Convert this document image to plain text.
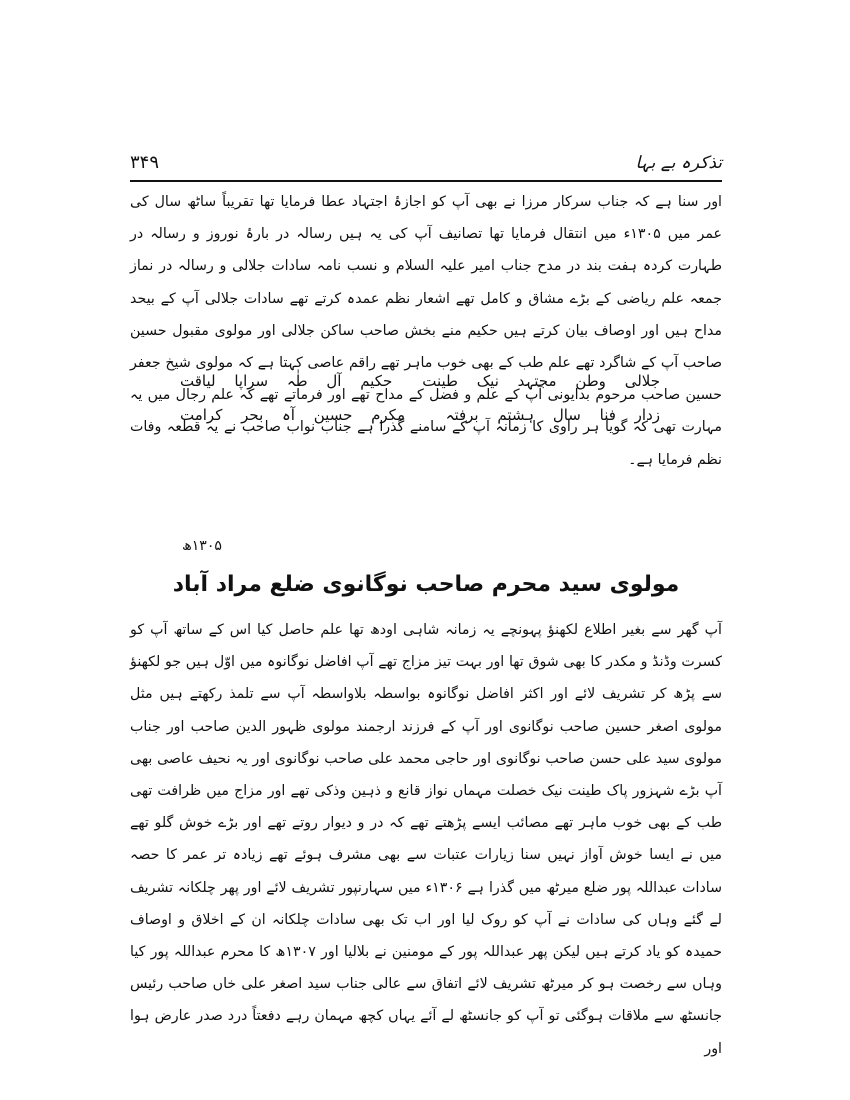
تذکرہ بے بہا
۳۴۹

اور سنا ہے کہ جناب سرکار مرزا نے بھی آپ کو اجازۂ اجتہاد عطا فرمایا تھا تقریباً ساٹھ سال کی عمر میں ۱۳۰۵ء میں انتقال فرمایا تھا تصانیف آپ کی یہ ہیں رسالہ در بارۂ نوروز و رسالہ در طہارت کردہ ہفت بند در مدح جناب امیر علیہ السلام و نسب نامہ سادات جلالی و رسالہ در نماز جمعہ علم ریاضی کے بڑے مشاق و کامل تھے اشعار نظم عمدہ کرتے تھے سادات جلالی آپ کے بیحد مداح ہیں اور اوصاف بیان کرتے ہیں حکیم منے بخش صاحب ساکن جلالی اور مولوی مقبول حسین صاحب آپ کے شاگرد تھے علم طب کے بھی خوب ماہر تھے راقم عاصی کہتا ہے کہ مولوی شیخ جعفر حسین صاحب مرحوم بدایونی آپ کے علم و فضل کے مداح تھے اور فرماتے تھے کہ علم رجال میں یہ مہارت تھی کہ گویا ہر راوی کا زمانہ آپ کے سامنے گذرا ہے جناب نواب صاحب نے یہ قطعہ وفات نظم فرمایا ہے۔

جلالی وطن مجتہد نیک طینت
حکیم آل طٰہ سراپا لیاقت
زدار فنا سال ہشتم برفتہ
مکرم حسین آہ بحر کرامت
۱۳۰۵ھ
مولوی سید محرم صاحب نوگانوی ضلع مراد آباد

آپ گھر سے بغیر اطلاع لکھنؤ پہونچے یہ زمانہ شاہی اودھ تھا علم حاصل کیا اس کے ساتھ آپ کو کسرت وڈنڈ و مکدر کا بھی شوق تھا اور بہت تیز مزاج تھے آپ افاضل نوگانوہ میں اوّل ہیں جو لکھنؤ سے پڑھ کر تشریف لائے اور اکثر افاضل نوگانوہ بواسطہ بلاواسطہ آپ سے تلمذ رکھتے ہیں مثل مولوی اصغر حسین صاحب نوگانوی اور آپ کے فرزند ارجمند مولوی ظہور الدین صاحب اور جناب مولوی سید علی حسن صاحب نوگانوی اور حاجی محمد علی صاحب نوگانوی اور یہ نحیف عاصی بھی آپ بڑے شہزور پاک طینت نیک خصلت مہماں نواز قانع و ذہین وذکی تھے اور مزاج میں ظرافت تھی طب کے بھی خوب ماہر تھے مصائب ایسے پڑھتے تھے کہ در و دیوار روتے تھے اور بڑے خوش گلو تھے میں نے ایسا خوش آواز نہیں سنا زیارات عتبات سے بھی مشرف ہوئے تھے زیادہ تر عمر کا حصہ سادات عبداللہ پور ضلع میرٹھ میں گذرا ہے ۱۳۰۶ء میں سہارنپور تشریف لائے اور پھر چلکانہ تشریف لے گئے وہاں کی سادات نے آپ کو روک لیا اور اب تک بھی سادات چلکانہ ان کے اخلاق و اوصاف حمیدہ کو یاد کرتے ہیں لیکن پھر عبداللہ پور کے مومنین نے بلالیا اور ۱۳۰۷ھ کا محرم عبداللہ پور کیا وہاں سے رخصت ہو کر میرٹھ تشریف لائے اتفاق سے عالی جناب سید اصغر علی خاں صاحب رئیس جانسٹھ سے ملاقات ہوگئی تو آپ کو جانسٹھ لے آئے یہاں کچھ مہمان رہے دفعتاً درد صدر عارض ہوا اور
